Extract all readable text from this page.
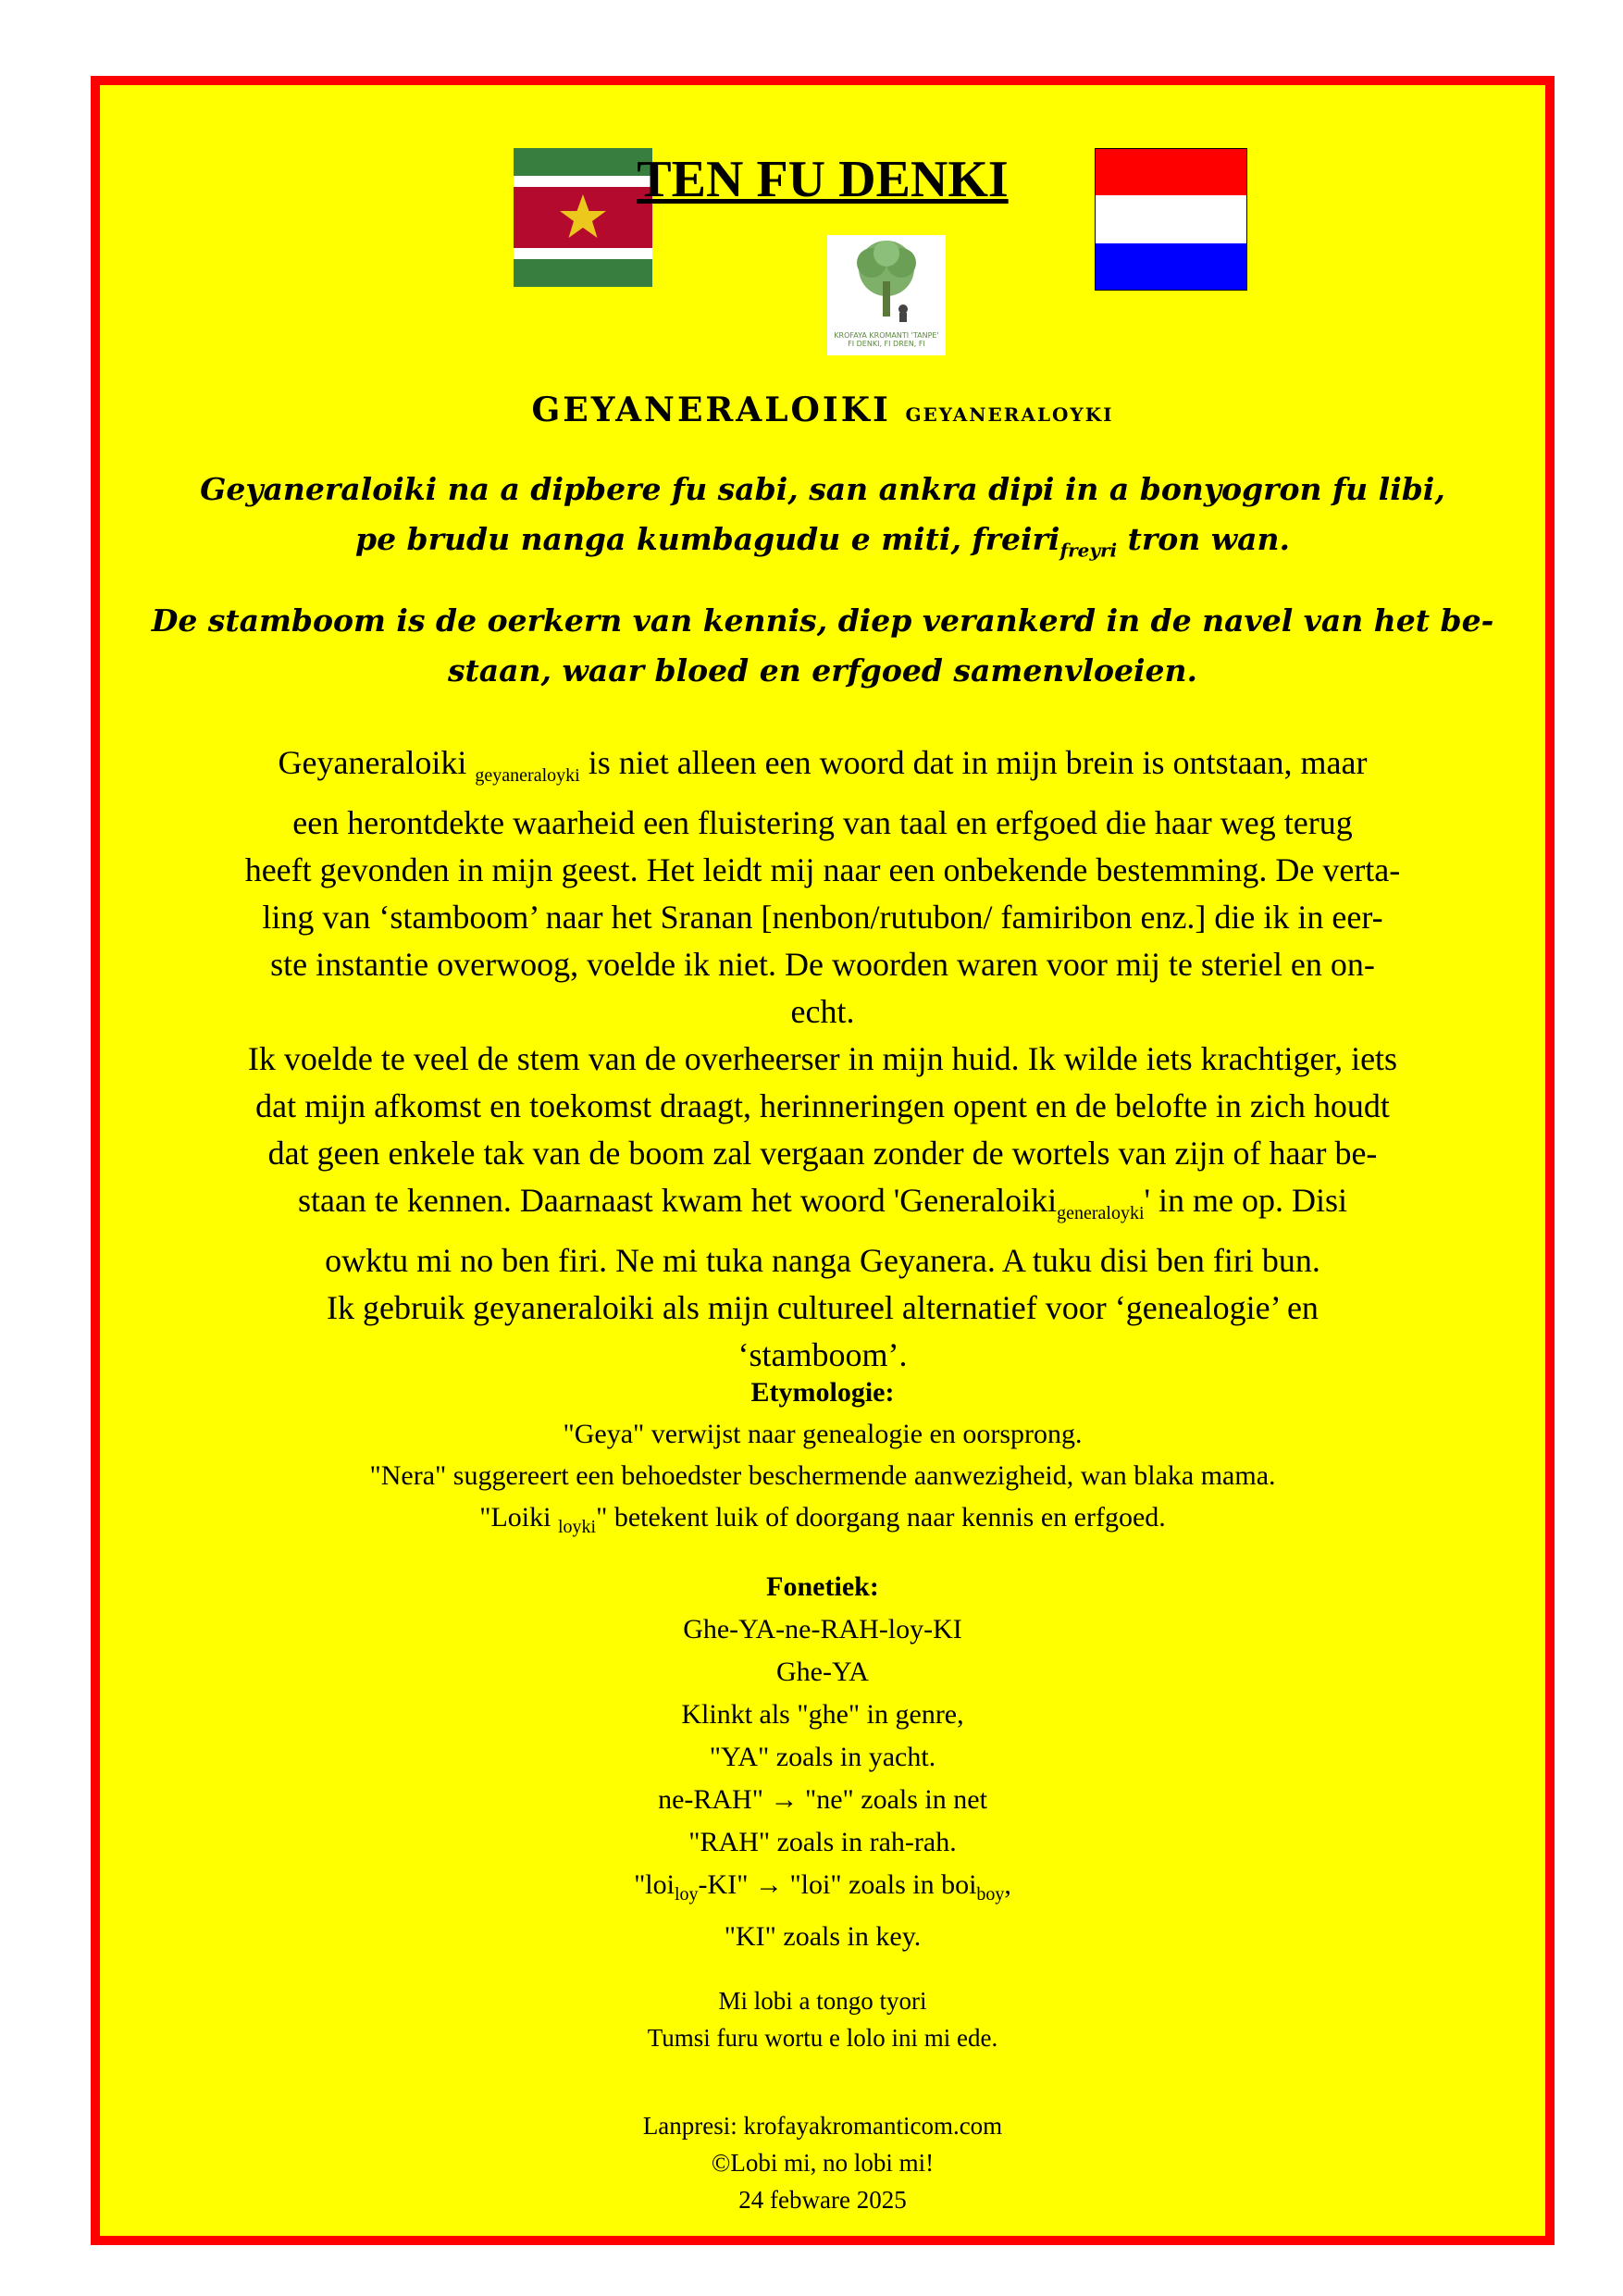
TEN FU DENKI
KROFAYA KROMANTI 'TANPE'
FI DENKI, FI DREN, FI
GEYANERALOIKI GEYANERALOYKI
Geyaneraloiki na a dipbere fu sabi, san ankra dipi in a bonyogron fu libi,
pe brudu nanga kumbagudu e miti, freiri$_{freyri}$ tron wan.
De stamboom is de oerkern van kennis, diep verankerd in de navel van het be-
staan, waar bloed en erfgoed samenvloeien.
Geyaneraloiki $_{geyaneraloyki}$ is niet alleen een woord dat in mijn brein is ontstaan, maar
een herontdekte waarheid een fluistering van taal en erfgoed die haar weg terug
heeft gevonden in mijn geest. Het leidt mij naar een onbekende bestemming. De verta-
ling van ‘stamboom’ naar het Sranan [nenbon/rutubon/ famiribon enz.] die ik in eer-
ste instantie overwoog, voelde ik niet. De woorden waren voor mij te steriel en on-
echt.
Ik voelde te veel de stem van de overheerser in mijn huid. Ik wilde iets krachtiger, iets
dat mijn afkomst en toekomst draagt, herinneringen opent en de belofte in zich houdt
dat geen enkele tak van de boom zal vergaan zonder de wortels van zijn of haar be-
staan te kennen. Daarnaast kwam het woord 'Generaloiki$_{generaloyki}$' in me op. Disi
owktu mi no ben firi. Ne mi tuka nanga Geyanera. A tuku disi ben firi bun.
Ik gebruik geyaneraloiki als mijn cultureel alternatief voor ‘genealogie’ en
‘stamboom’.
Etymologie:
"Geya" verwijst naar genealogie en oorsprong.
"Nera" suggereert een behoedster beschermende aanwezigheid, wan blaka mama.
"Loiki $_{loyki}$" betekent luik of doorgang naar kennis en erfgoed.
Fonetiek:
Ghe-YA-ne-RAH-loy-KI
Ghe-YA
Klinkt als "ghe" in genre,
"YA" zoals in yacht.
ne-RAH" → "ne" zoals in net
"RAH" zoals in rah-rah.
"loi$_{loy}$-KI" → "loi" zoals in boi$_{boy}$,
"KI" zoals in key.
Mi lobi a tongo tyori
Tumsi furu wortu e lolo ini mi ede.
Lanpresi: krofayakromanticom.com
©Lobi mi, no lobi mi!
24 febware 2025
